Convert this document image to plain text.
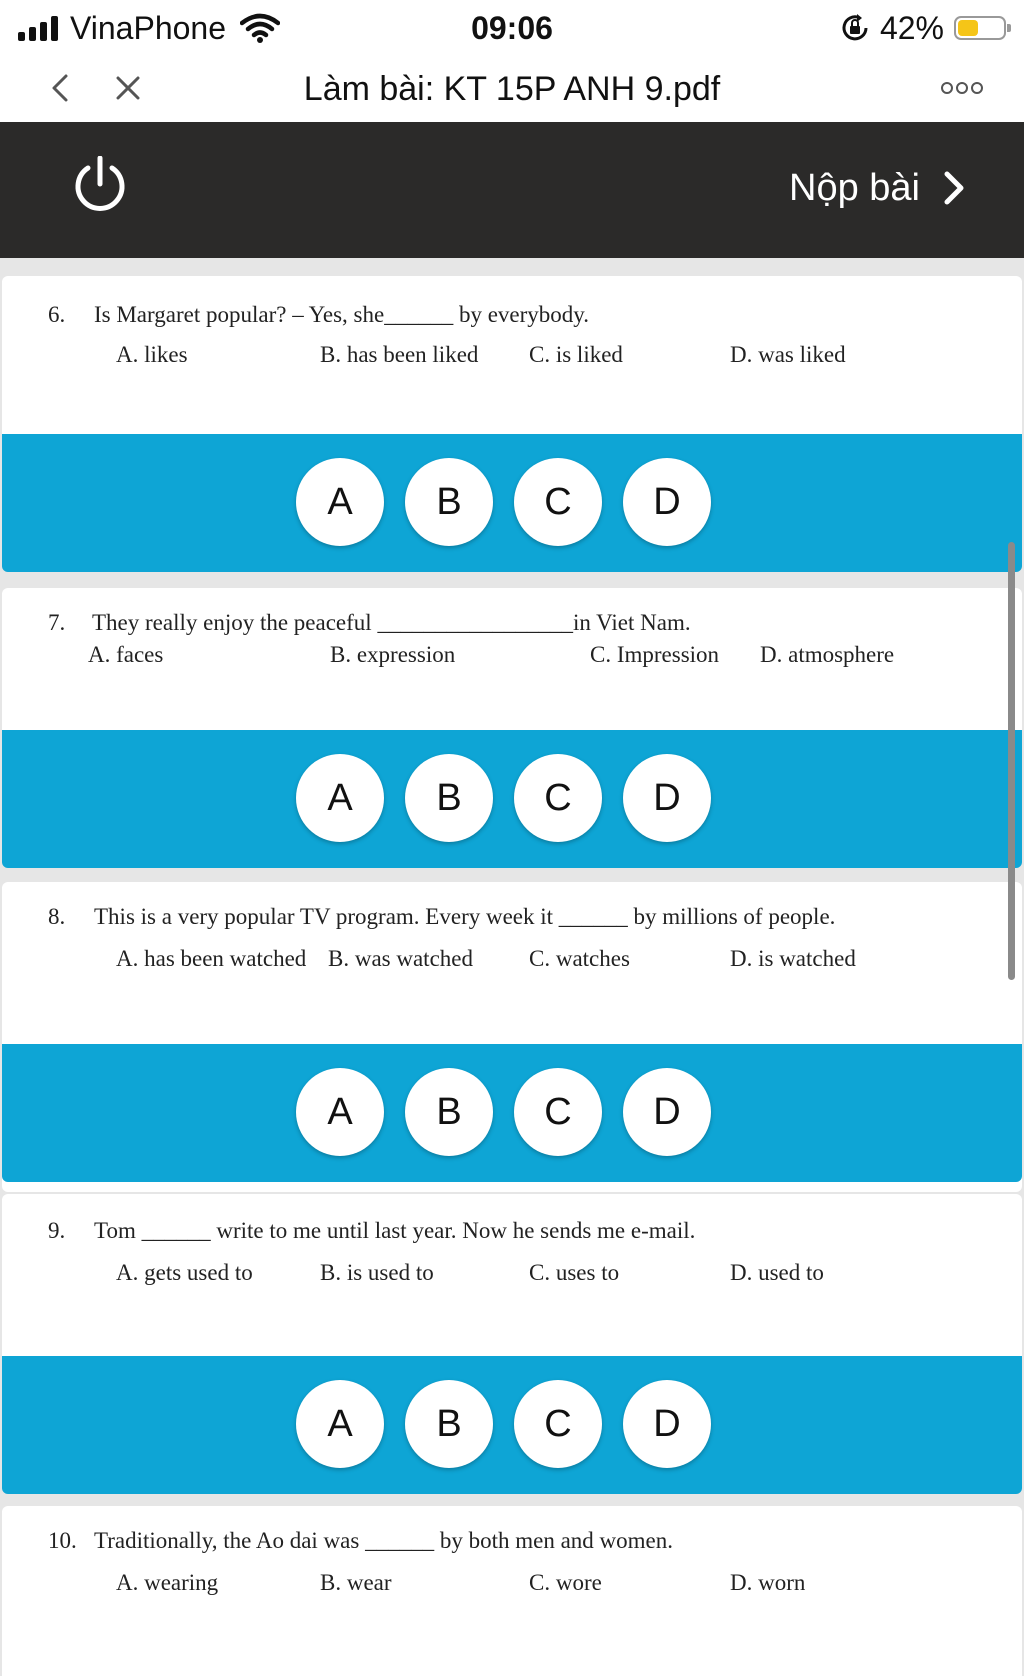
VinaPhone	09:06	42%
Làm bài: KT 15P ANH 9.pdf
Nộp bài
6. Is Margaret popular? – Yes, she______ by everybody.
A. likes	B. has been liked C. is liked	D. was liked
A	B	C	D
7. They really enjoy the peaceful _________________in Viet Nam.
A. faces	B. expression	C. Impression D. atmosphere
A	B	C	D
8. This is a very popular TV program. Every week it ______ by millions of people.
A. has been watched B. was watched C. watches	D. is watched
A	B	C	D
9. Tom ______ write to me until last year. Now he sends me e-mail.
A. gets used to	B. is used to	C. uses to	D. used to
A	B	C	D
10. Traditionally, the Ao dai was ______ by both men and women.
A. wearing	B. wear	C. wore	D. worn
